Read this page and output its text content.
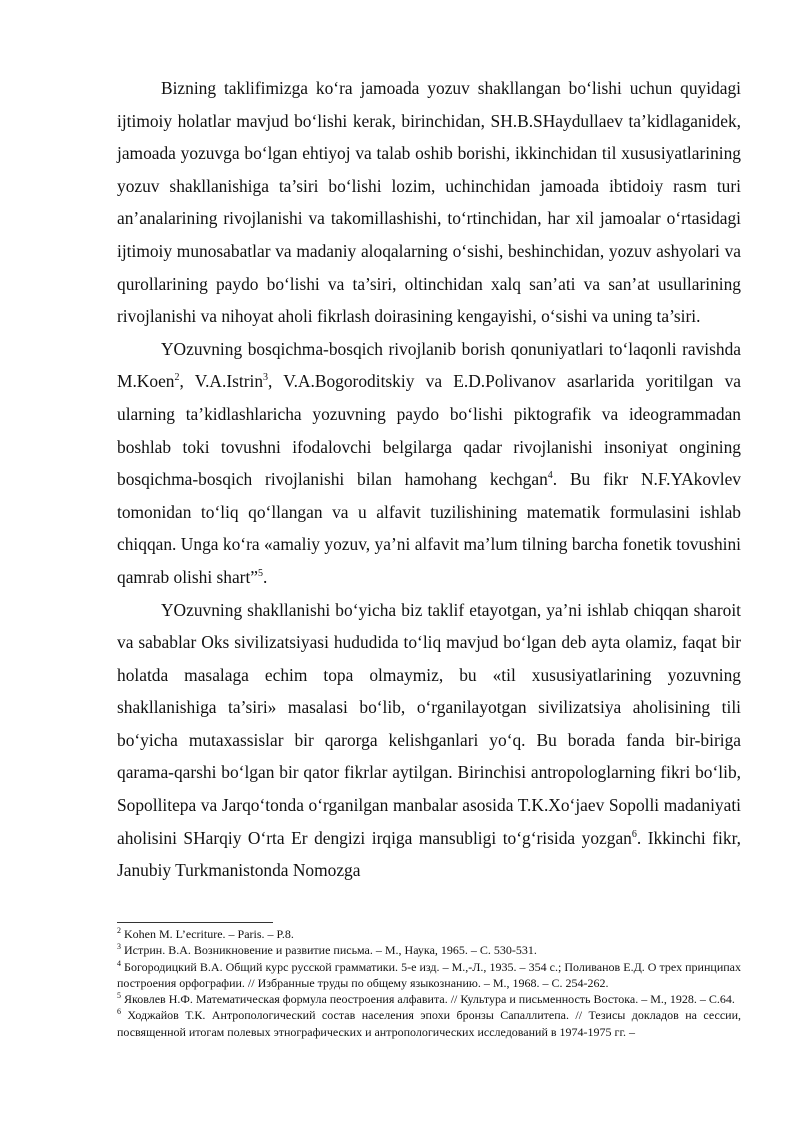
Bizning taklifimizga ko‘ra jamoada yozuv shakllangan bo‘lishi uchun quyidagi ijtimoiy holatlar mavjud bo‘lishi kerak, birinchidan, SH.B.SHaydullaev ta’kidlaganidek, jamoada yozuvga bo‘lgan ehtiyoj va talab oshib borishi, ikkinchidan til xususiyatlarining yozuv shakllanishiga ta’siri bo‘lishi lozim, uchinchidan jamoada ibtidoiy rasm turi an’analarining rivojlanishi va takomillashishi, to‘rtinchidan, har xil jamoalar o‘rtasidagi ijtimoiy munosabatlar va madaniy aloqalarning o‘sishi, beshinchidan, yozuv ashyolari va qurollarining paydo bo‘lishi va ta’siri, oltinchidan xalq san’ati va san’at usullarining rivojlanishi va nihoyat aholi fikrlash doirasining kengayishi, o‘sishi va uning ta’siri.

YOzuvning bosqichma-bosqich rivojlanib borish qonuniyatlari to‘laqonli ravishda M.Koen$^2$, V.A.Istrin$^3$, V.A.Bogoroditskiy va E.D.Polivanov asarlarida yoritilgan va ularning ta’kidlashlaricha yozuvning paydo bo‘lishi piktografik va ideogrammadan boshlab toki tovushni ifodalovchi belgilarga qadar rivojlanishi insoniyat ongining bosqichma-bosqich rivojlanishi bilan hamohang kechgan$^4$. Bu fikr N.F.YAkovlev tomonidan to‘liq qo‘llangan va u alfavit tuzilishining matematik formulasini ishlab chiqqan. Unga ko‘ra «amaliy yozuv, ya’ni alfavit ma’lum tilning barcha fonetik tovushini qamrab olishi shart”$^5$.

YOzuvning shakllanishi bo‘yicha biz taklif etayotgan, ya’ni ishlab chiqqan sharoit va sabablar Oks sivilizatsiyasi hududida to‘liq mavjud bo‘lgan deb ayta olamiz, faqat bir holatda masalaga echim topa olmaymiz, bu «til xususiyatlarining yozuvning shakllanishiga ta’siri» masalasi bo‘lib, o‘rganilayotgan sivilizatsiya aholisining tili bo‘yicha mutaxassislar bir qarorga kelishganlari yo‘q. Bu borada fanda bir-biriga qarama-qarshi bo‘lgan bir qator fikrlar aytilgan. Birinchisi antropologlarning fikri bo‘lib, Sopollitepa va Jarqo‘tonda o‘rganilgan manbalar asosida T.K.Xo‘jaev Sopolli madaniyati aholisini SHarqiy O‘rta Er dengizi irqiga mansubligi to‘g‘risida yozgan$^6$. Ikkinchi fikr, Janubiy Turkmanistonda Nomozga

$^2$ Kohen M. L’ecriture. – Paris. – P.8.

$^3$ Истрин. В.А. Возникновение и развитие письма. – М., Наука, 1965. – С. 530-531.

$^4$ Богородицкий В.А. Общий курс русской грамматики. 5-е изд. – М.,-Л., 1935. – 354 с.; Поливанов Е.Д. О трех принципах построения орфографии. // Избранные труды по общему языкознанию. – М., 1968. – С. 254-262.

$^5$ Яковлев Н.Ф. Математическая формула пеостроения алфавита. // Культура и письменность Востока. – М., 1928. – С.64.

$^6$ Ходжайов Т.К. Антропологический состав населения эпохи бронзы Сапаллитепа. // Тезисы докладов на сессии, посвященной итогам полевых этнографических и антропологических исследований в 1974-1975 гг. –
